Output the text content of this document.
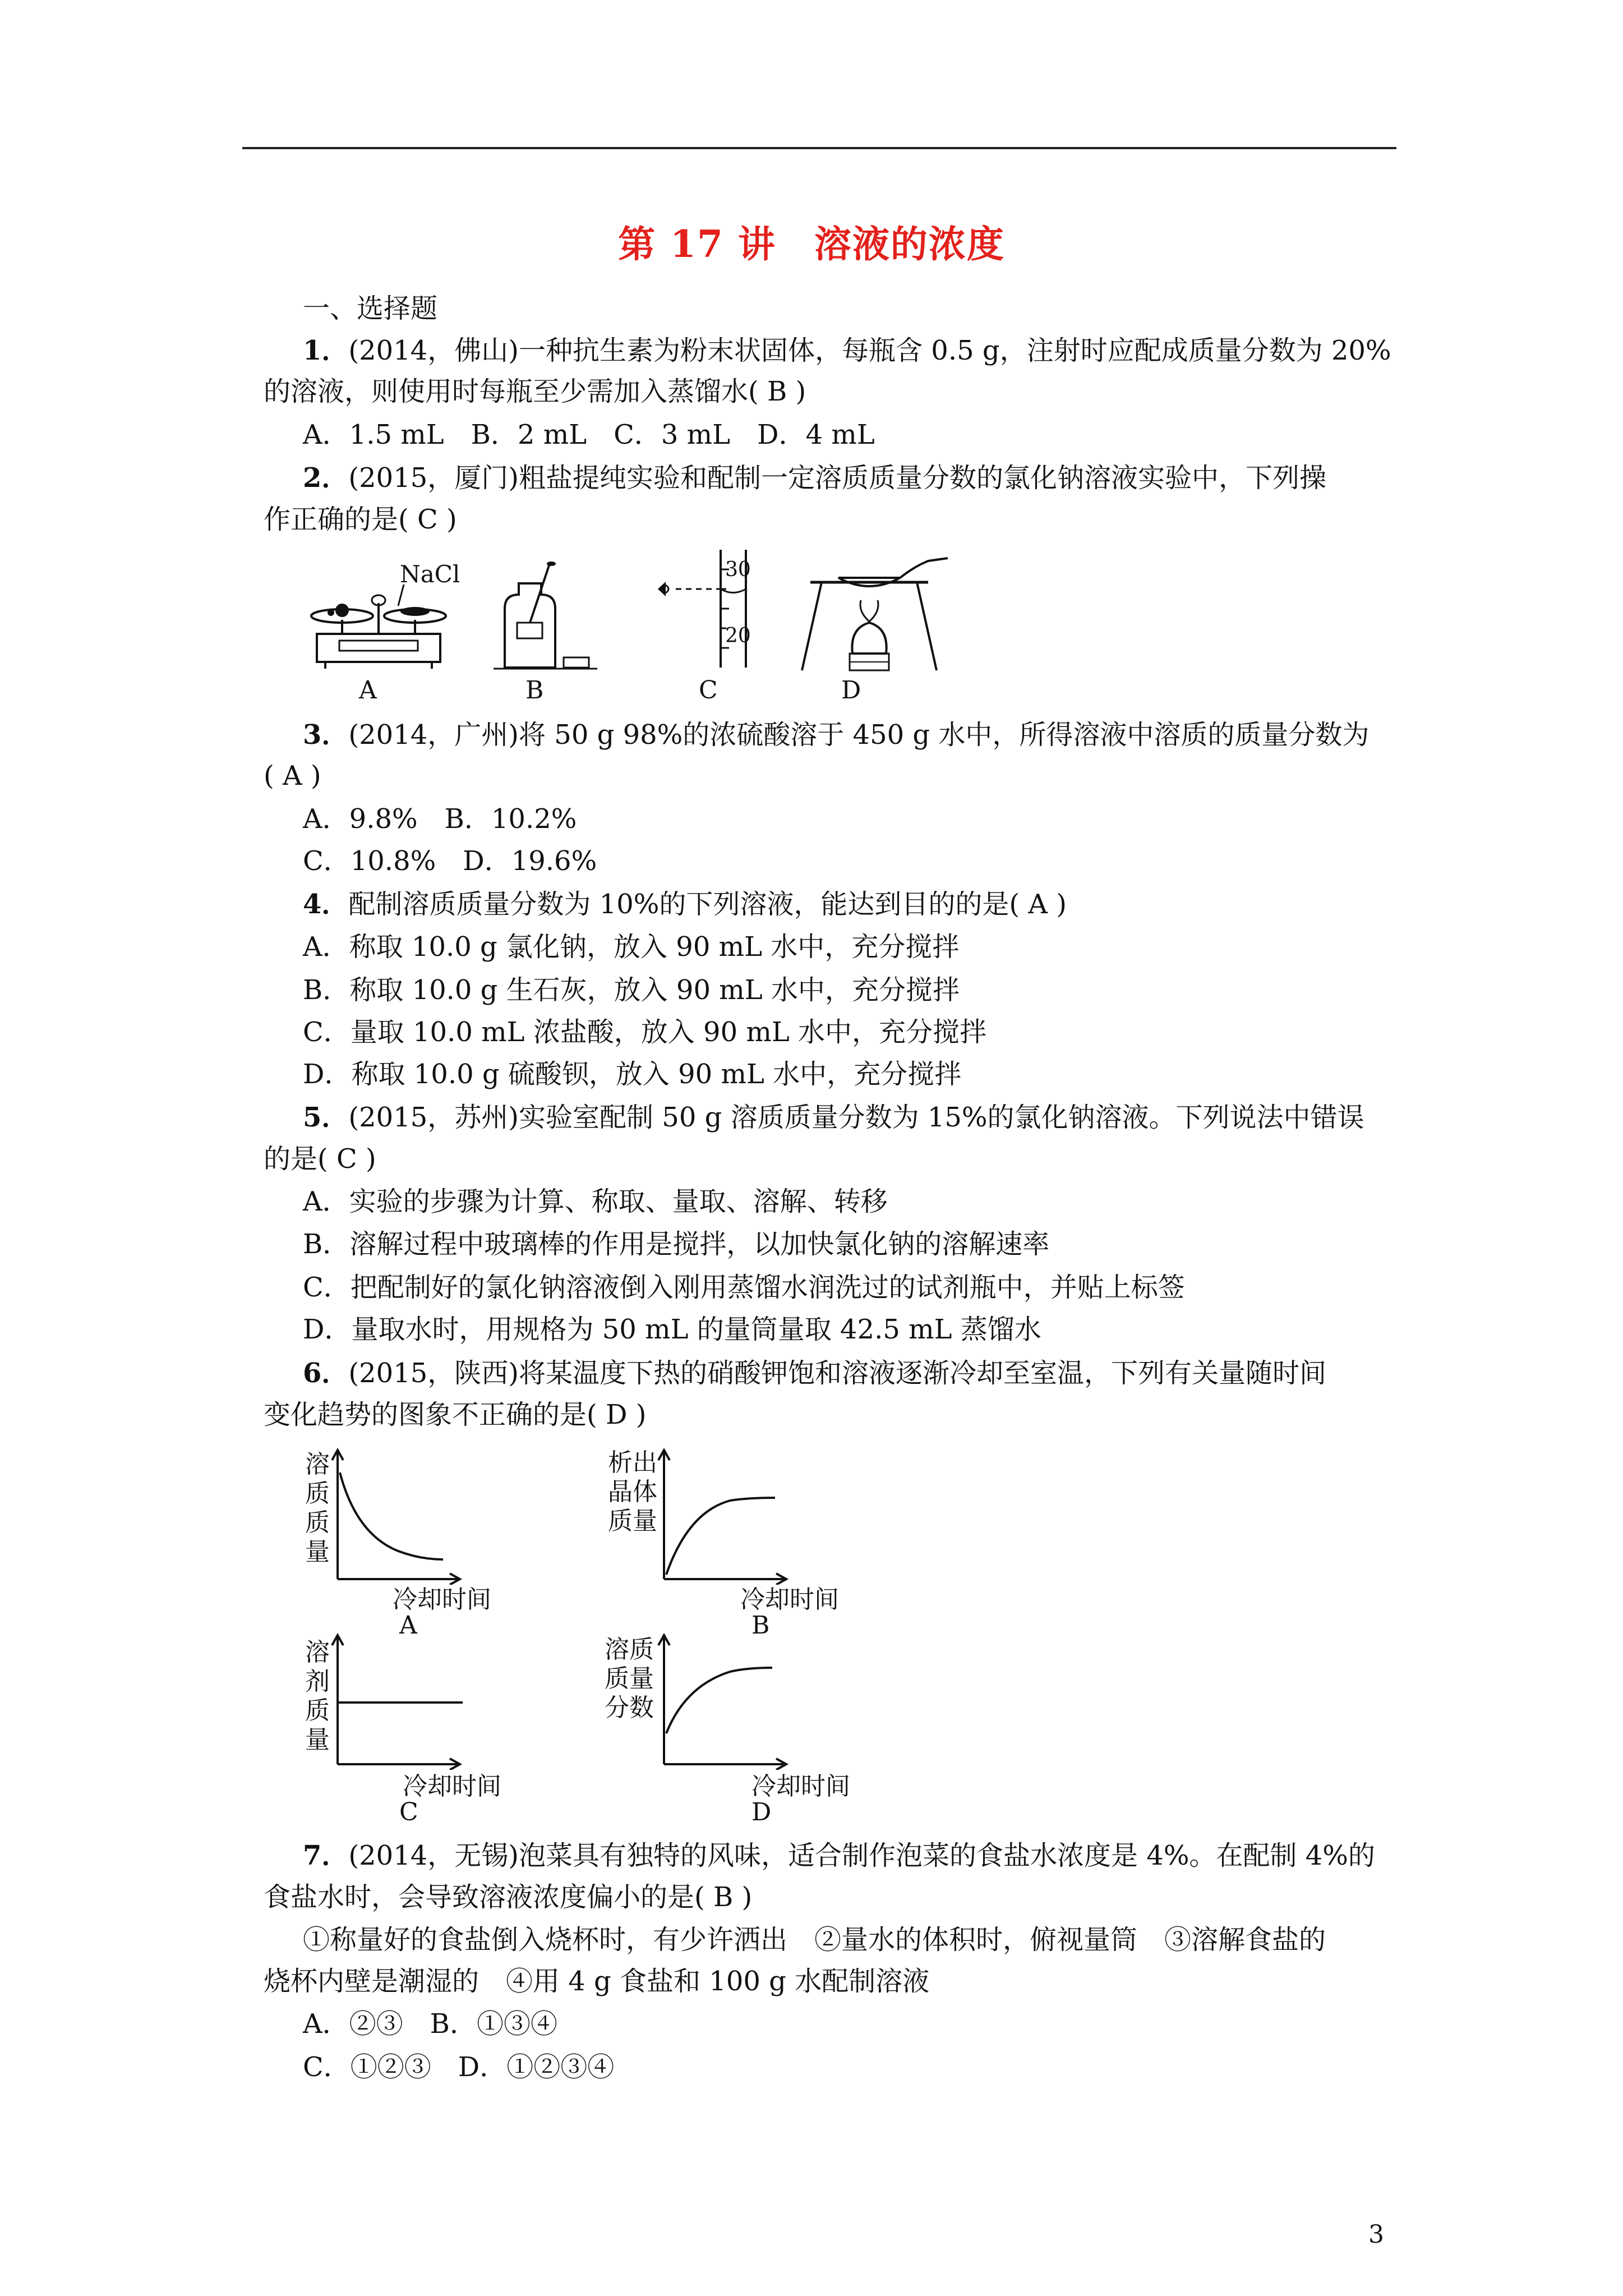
第 17 讲　溶液的浓度
一、选择题
1．(2014，佛山)一种抗生素为粉末状固体，每瓶含 0.5 g，注射时应配成质量分数为 20%
的溶液，则使用时每瓶至少需加入蒸馏水( B )
A．1.5 mL　B．2 mL　C．3 mL　D．4 mL
2．(2015，厦门)粗盐提纯实验和配制一定溶质质量分数的氯化钠溶液实验中，下列操
作正确的是( C )
NaCl
A	B
30
20
C	D
3．(2014，广州)将 50 g 98%的浓硫酸溶于 450 g 水中，所得溶液中溶质的质量分数为
( A )
A．9.8%　B．10.2%
C．10.8%　D．19.6%
4．配制溶质质量分数为 10%的下列溶液，能达到目的的是( A )
A．称取 10.0 g 氯化钠，放入 90 mL 水中，充分搅拌
B．称取 10.0 g 生石灰，放入 90 mL 水中，充分搅拌
C．量取 10.0 mL 浓盐酸，放入 90 mL 水中，充分搅拌
D．称取 10.0 g 硫酸钡，放入 90 mL 水中，充分搅拌
5．(2015，苏州)实验室配制 50 g 溶质质量分数为 15%的氯化钠溶液。下列说法中错误
的是( C )
A．实验的步骤为计算、称取、量取、溶解、转移
B．溶解过程中玻璃棒的作用是搅拌，以加快氯化钠的溶解速率
C．把配制好的氯化钠溶液倒入刚用蒸馏水润洗过的试剂瓶中，并贴上标签
D．量取水时，用规格为 50 mL 的量筒量取 42.5 mL 蒸馏水
6．(2015，陕西)将某温度下热的硝酸钾饱和溶液逐渐冷却至室温，下列有关量随时间
变化趋势的图象不正确的是( D )
溶
质
质
量
冷却时间
A
析出
晶体
质量
冷却时间
B
溶
剂
质
量
冷却时间
C
溶质
质量
分数
冷却时间
D
7．(2014，无锡)泡菜具有独特的风味，适合制作泡菜的食盐水浓度是 4%。在配制 4%的
食盐水时，会导致溶液浓度偏小的是( B )
①称量好的食盐倒入烧杯时，有少许洒出　②量水的体积时，俯视量筒　③溶解食盐的
烧杯内壁是潮湿的　④用 4 g 食盐和 100 g 水配制溶液
A．②③　B．①③④
C．①②③　D．①②③④
3
